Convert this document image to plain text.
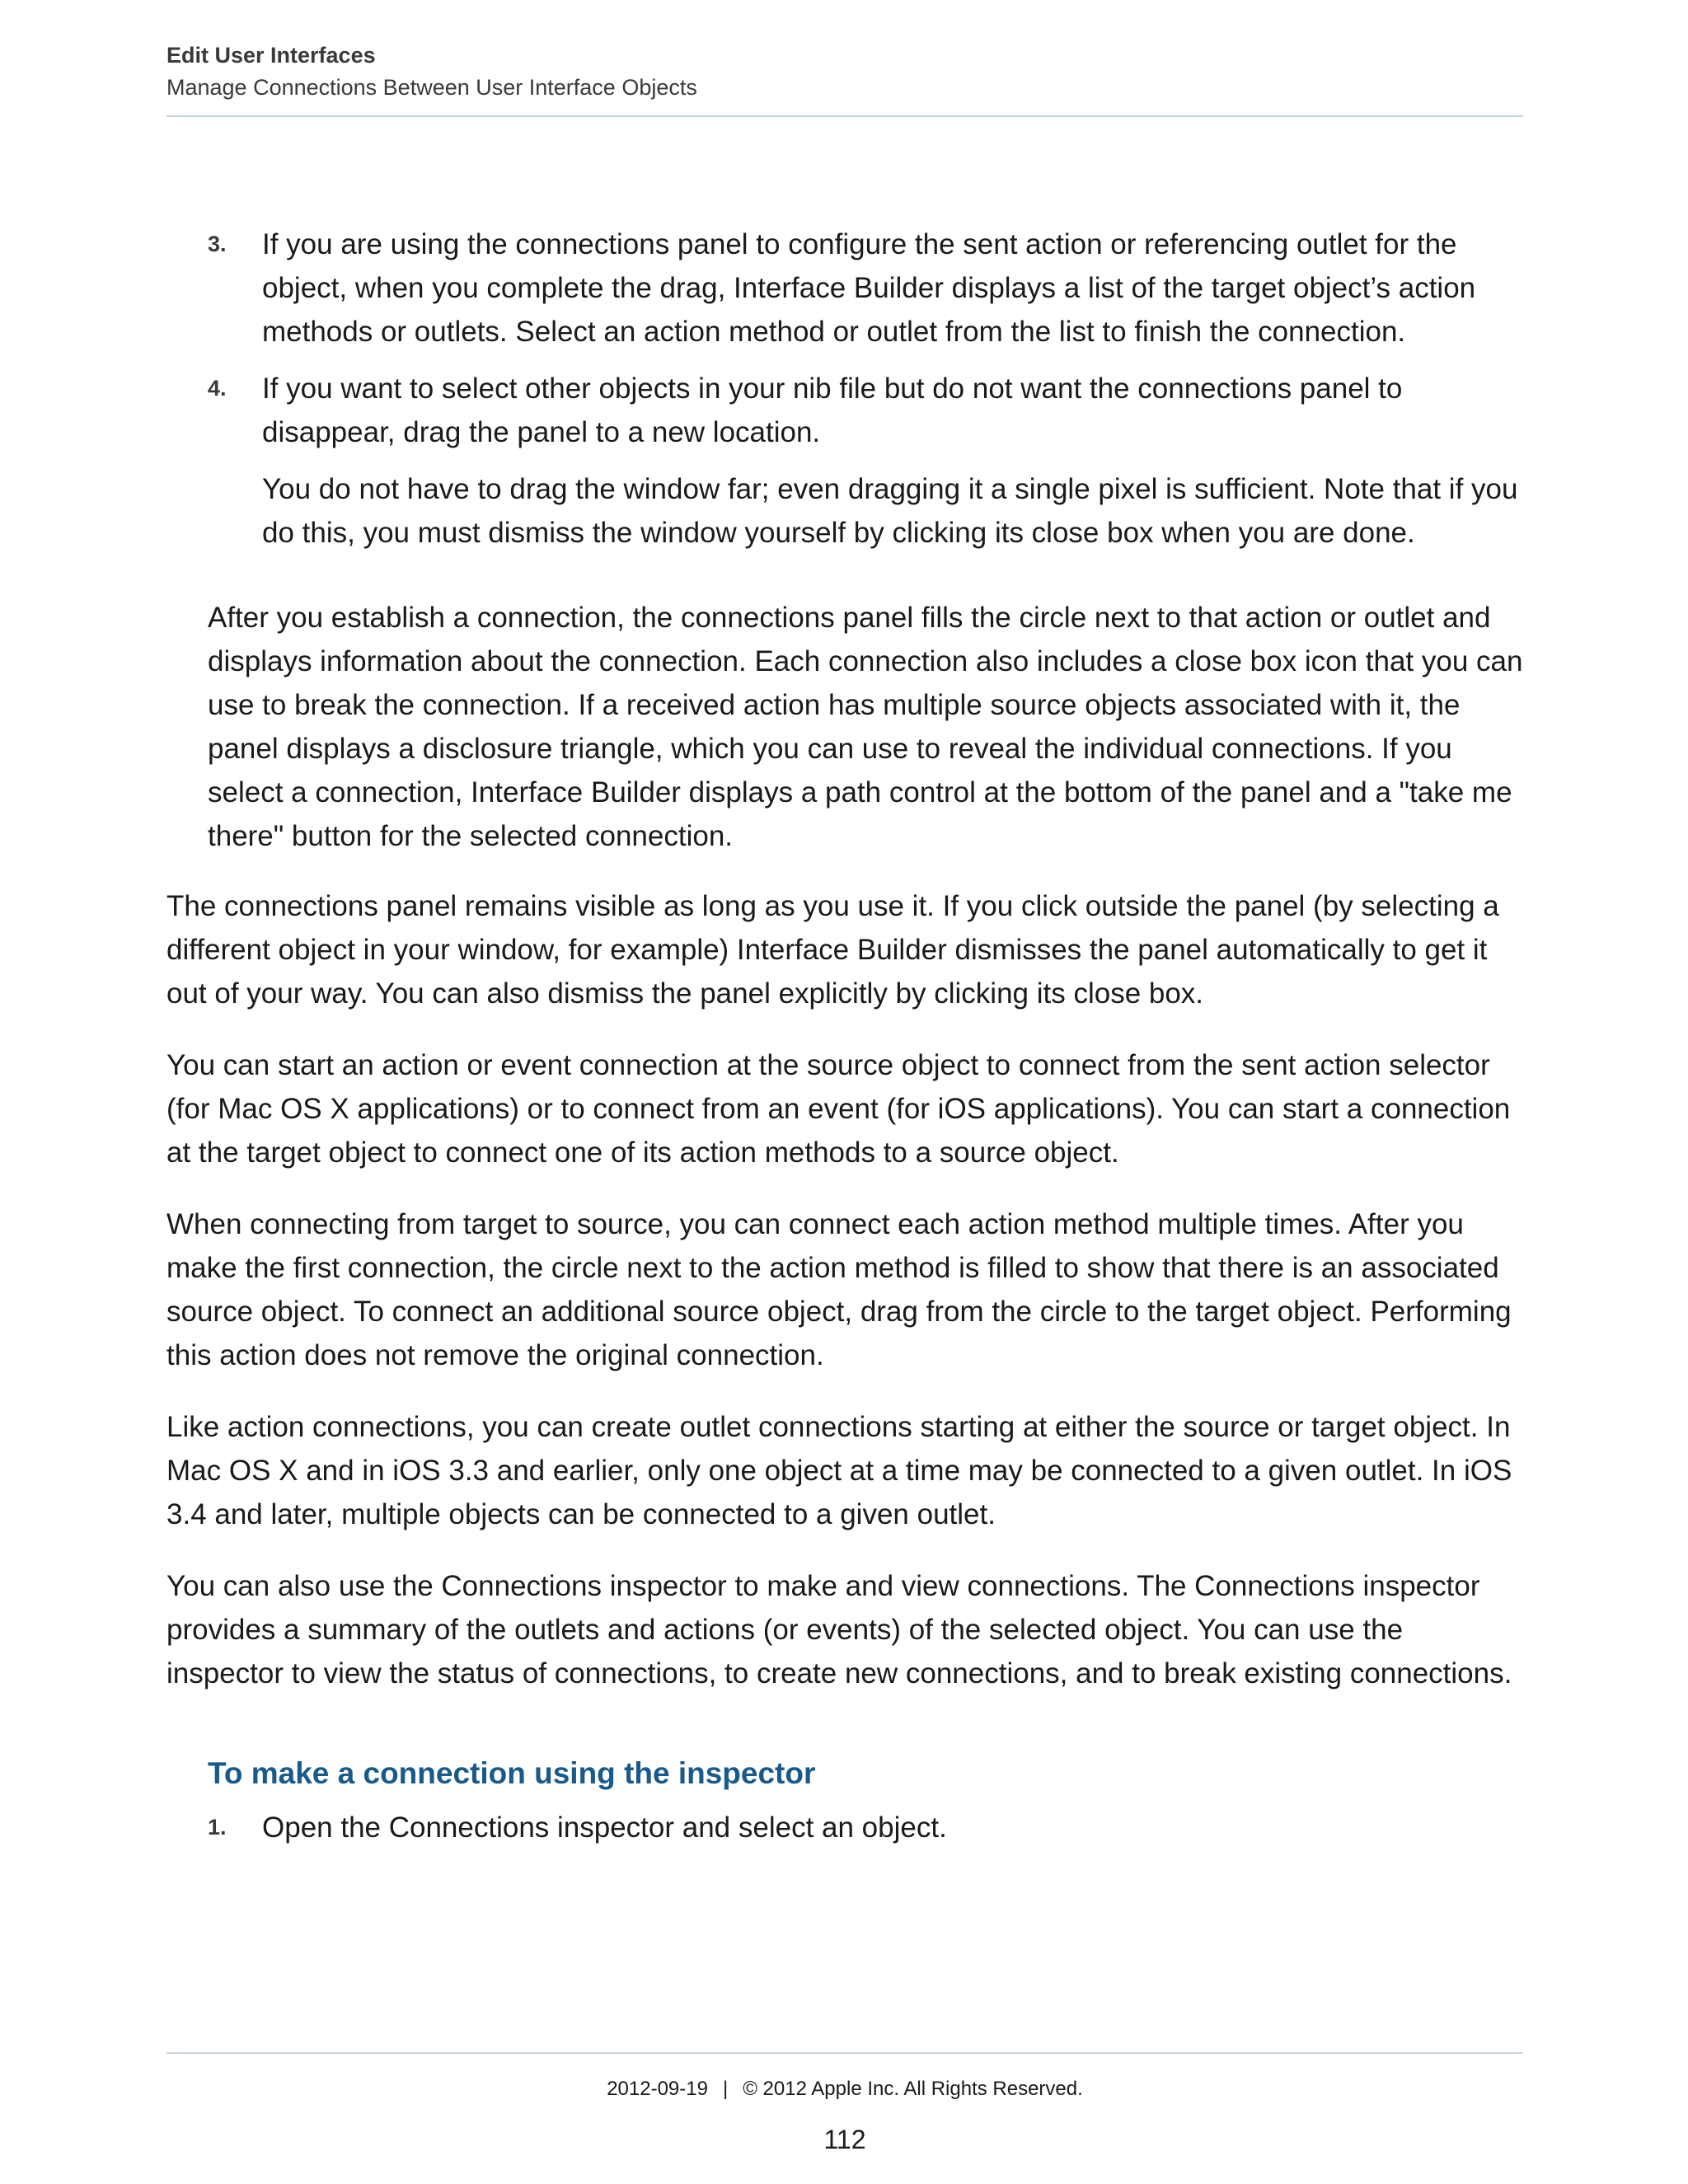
Edit User Interfaces
Manage Connections Between User Interface Objects
3. If you are using the connections panel to configure the sent action or referencing outlet for the object, when you complete the drag, Interface Builder displays a list of the target object’s action methods or outlets. Select an action method or outlet from the list to finish the connection.

4. If you want to select other objects in your nib file but do not want the connections panel to disappear, drag the panel to a new location.

You do not have to drag the window far; even dragging it a single pixel is sufficient. Note that if you do this, you must dismiss the window yourself by clicking its close box when you are done.

After you establish a connection, the connections panel fills the circle next to that action or outlet and displays information about the connection. Each connection also includes a close box icon that you can use to break the connection. If a received action has multiple source objects associated with it, the panel displays a disclosure triangle, which you can use to reveal the individual connections. If you select a connection, Interface Builder displays a path control at the bottom of the panel and a "take me there" button for the selected connection.

The connections panel remains visible as long as you use it. If you click outside the panel (by selecting a different object in your window, for example) Interface Builder dismisses the panel automatically to get it out of your way. You can also dismiss the panel explicitly by clicking its close box.

You can start an action or event connection at the source object to connect from the sent action selector (for Mac OS X applications) or to connect from an event (for iOS applications). You can start a connection at the target object to connect one of its action methods to a source object.

When connecting from target to source, you can connect each action method multiple times. After you make the first connection, the circle next to the action method is filled to show that there is an associated source object. To connect an additional source object, drag from the circle to the target object. Performing this action does not remove the original connection.

Like action connections, you can create outlet connections starting at either the source or target object. In Mac OS X and in iOS 3.3 and earlier, only one object at a time may be connected to a given outlet. In iOS 3.4 and later, multiple objects can be connected to a given outlet.

You can also use the Connections inspector to make and view connections. The Connections inspector provides a summary of the outlets and actions (or events) of the selected object. You can use the inspector to view the status of connections, to create new connections, and to break existing connections.

To make a connection using the inspector
1. Open the Connections inspector and select an object.

2012-09-19 | © 2012 Apple Inc. All Rights Reserved.
112
